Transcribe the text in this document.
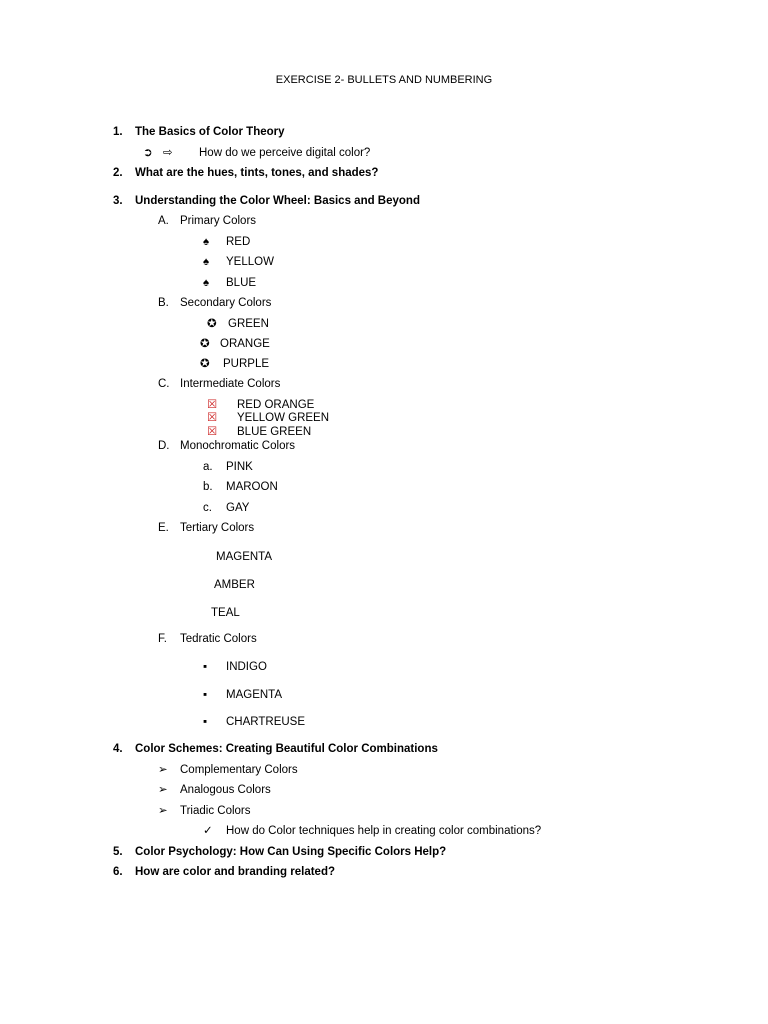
EXERCISE 2- BULLETS AND NUMBERING
1. The Basics of Color Theory
➲ ⇨ How do we perceive digital color?
2. What are the hues, tints, tones, and shades?
3. Understanding the Color Wheel: Basics and Beyond
A. Primary Colors
♠ RED
♠ YELLOW
♠ BLUE
B. Secondary Colors
✪ GREEN
✪ ORANGE
✪ PURPLE
C. Intermediate Colors
☒ RED ORANGE
☒ YELLOW GREEN
☒ BLUE GREEN
D. Monochromatic Colors
a. PINK
b. MAROON
c. GAY
E. Tertiary Colors
MAGENTA
AMBER
TEAL
F. Tedratic Colors
▪ INDIGO
▪ MAGENTA
▪ CHARTREUSE
4. Color Schemes: Creating Beautiful Color Combinations
➢ Complementary Colors
➢ Analogous Colors
➢ Triadic Colors
✓ How do Color techniques help in creating color combinations?
5. Color Psychology: How Can Using Specific Colors Help?
6. How are color and branding related?
